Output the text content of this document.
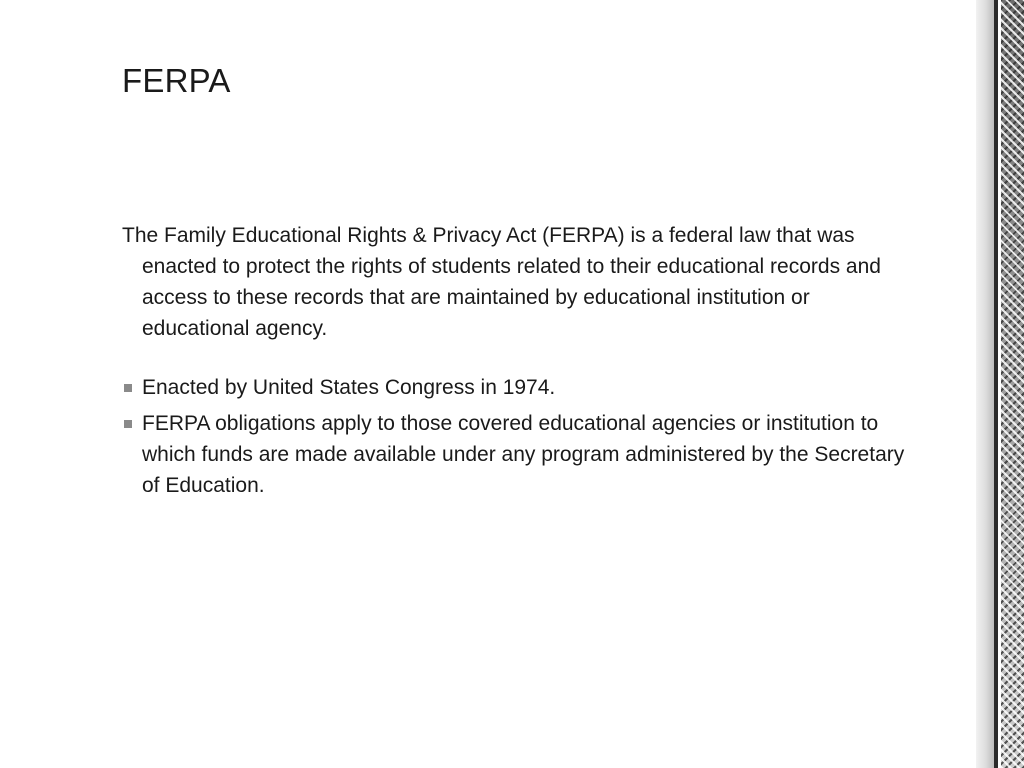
FERPA

The Family Educational Rights & Privacy Act (FERPA) is a federal law that was enacted to protect the rights of students related to their educational records and access to these records that are maintained by educational institution or educational agency.

Enacted by United States Congress in 1974.
FERPA obligations apply to those covered educational agencies or institution to which funds are made available under any program administered by the Secretary of Education.
